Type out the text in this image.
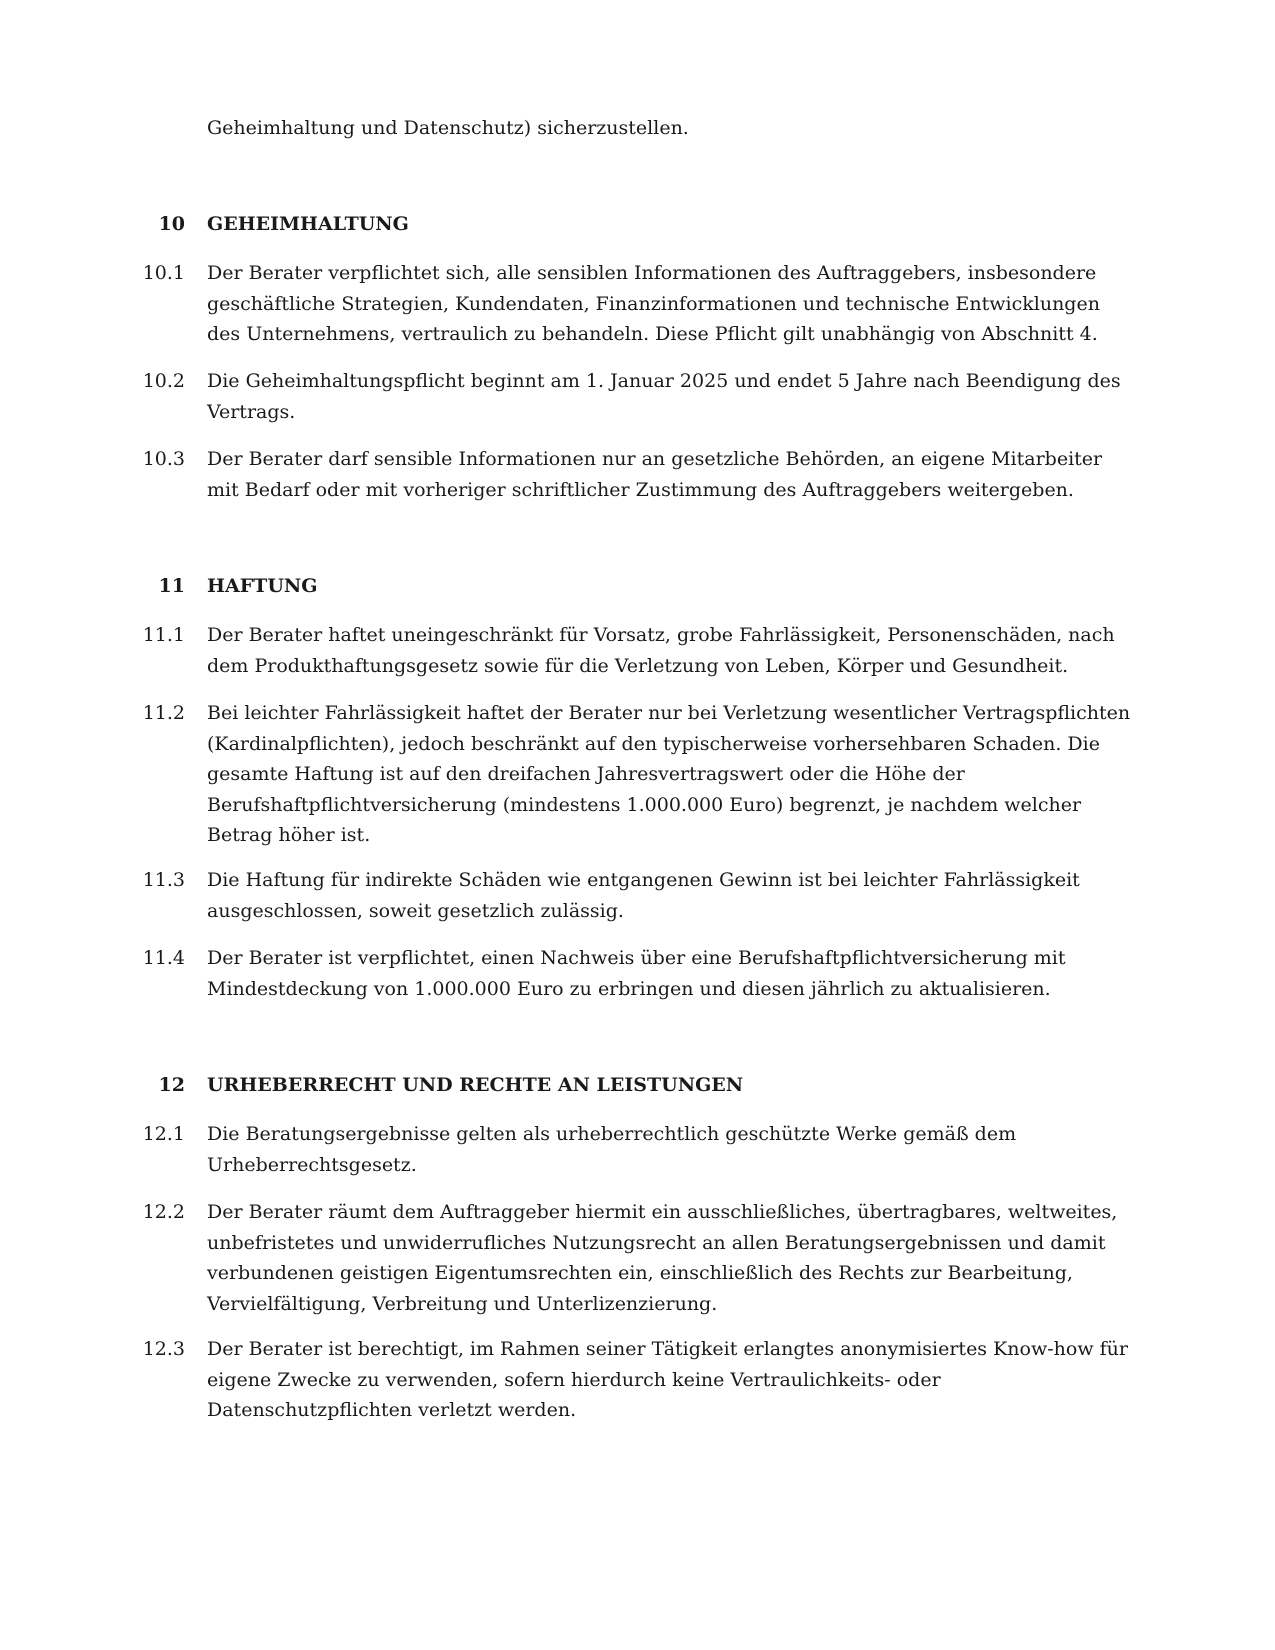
Geheimhaltung und Datenschutz) sicherzustellen.

10 GEHEIMHALTUNG
10.1 Der Berater verpflichtet sich, alle sensiblen Informationen des Auftraggebers, insbesondere geschäftliche Strategien, Kundendaten, Finanzinformationen und technische Entwicklungen des Unternehmens, vertraulich zu behandeln. Diese Pflicht gilt unabhängig von Abschnitt 4.
10.2 Die Geheimhaltungspflicht beginnt am 1. Januar 2025 und endet 5 Jahre nach Beendigung des Vertrags.
10.3 Der Berater darf sensible Informationen nur an gesetzliche Behörden, an eigene Mitarbeiter mit Bedarf oder mit vorheriger schriftlicher Zustimmung des Auftraggebers weitergeben.
11 HAFTUNG
11.1 Der Berater haftet uneingeschränkt für Vorsatz, grobe Fahrlässigkeit, Personenschäden, nach dem Produkthaftungsgesetz sowie für die Verletzung von Leben, Körper und Gesundheit.
11.2 Bei leichter Fahrlässigkeit haftet der Berater nur bei Verletzung wesentlicher Vertragspflichten (Kardinalpflichten), jedoch beschränkt auf den typischerweise vorhersehbaren Schaden. Die gesamte Haftung ist auf den dreifachen Jahresvertragswert oder die Höhe der Berufshaftpflichtversicherung (mindestens 1.000.000 Euro) begrenzt, je nachdem welcher Betrag höher ist.
11.3 Die Haftung für indirekte Schäden wie entgangenen Gewinn ist bei leichter Fahrlässigkeit ausgeschlossen, soweit gesetzlich zulässig.
11.4 Der Berater ist verpflichtet, einen Nachweis über eine Berufshaftpflichtversicherung mit Mindestdeckung von 1.000.000 Euro zu erbringen und diesen jährlich zu aktualisieren.
12 URHEBERRECHT UND RECHTE AN LEISTUNGEN
12.1 Die Beratungsergebnisse gelten als urheberrechtlich geschützte Werke gemäß dem Urheberrechtsgesetz.
12.2 Der Berater räumt dem Auftraggeber hiermit ein ausschließliches, übertragbares, weltweites, unbefristetes und unwiderrufliches Nutzungsrecht an allen Beratungsergebnissen und damit verbundenen geistigen Eigentumsrechten ein, einschließlich des Rechts zur Bearbeitung, Vervielfältigung, Verbreitung und Unterlizenzierung.
12.3 Der Berater ist berechtigt, im Rahmen seiner Tätigkeit erlangtes anonymisiertes Know-how für eigene Zwecke zu verwenden, sofern hierdurch keine Vertraulichkeits- oder Datenschutzpflichten verletzt werden.
